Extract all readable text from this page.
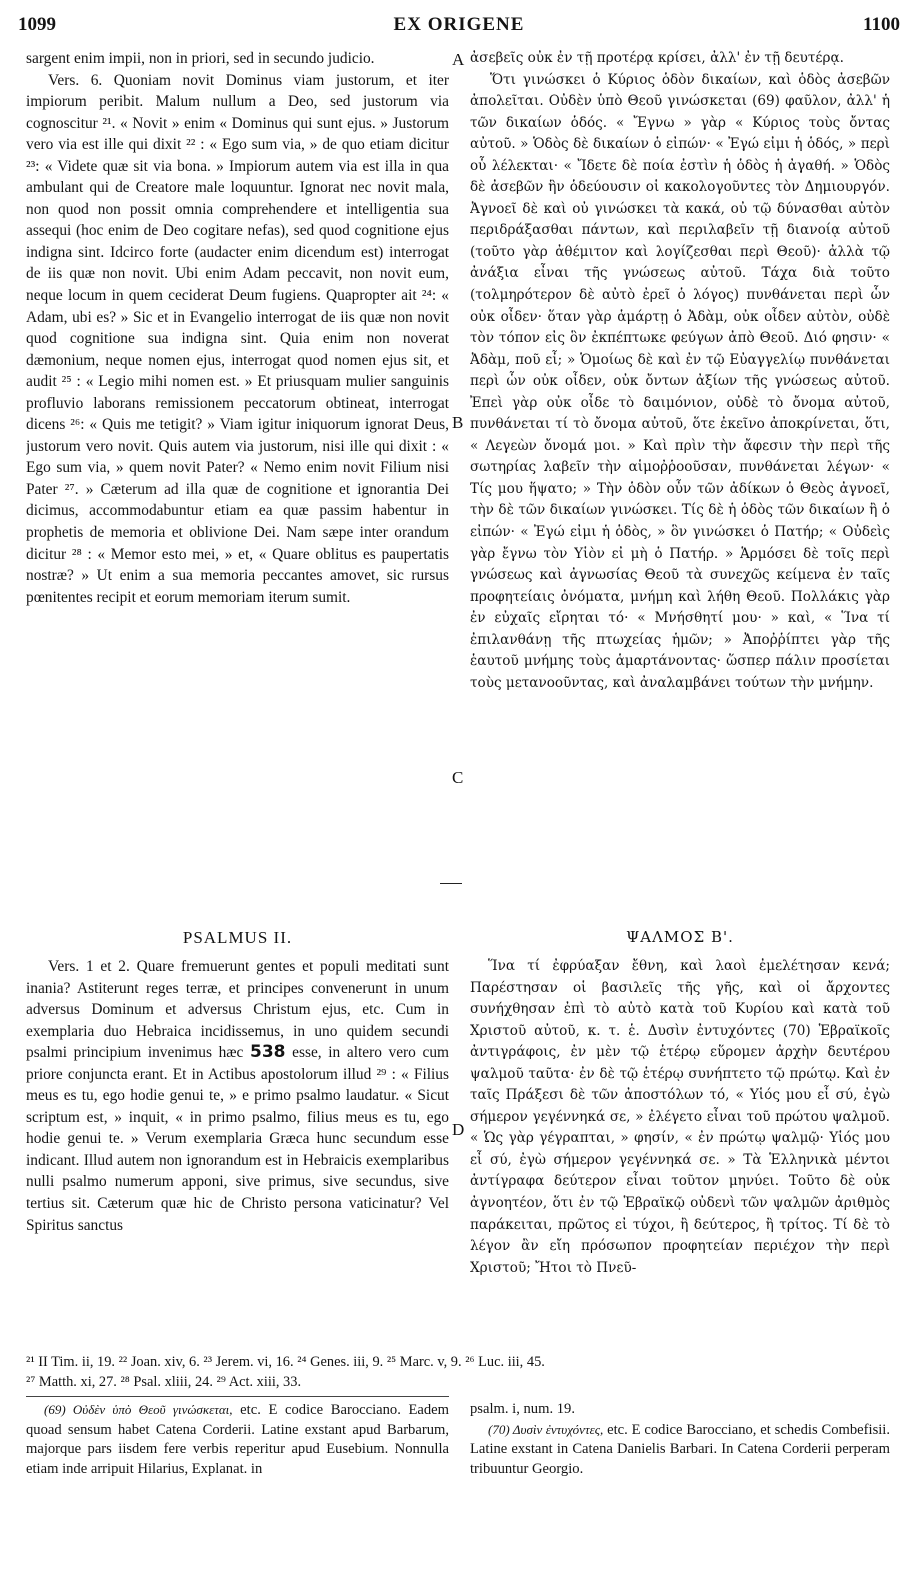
1099	EX ORIGENE	1100

sargent enim impii, non in priori, sed in secundo judicio.

Vers. 6. Quoniam novit Dominus viam justorum, et iter impiorum peribit. Malum nullum a Deo, sed justorum via cognoscitur ²¹. « Novit » enim « Dominus qui sunt ejus. » Justorum vero via est ille qui dixit ²² : « Ego sum via, » de quo etiam dicitur ²³: « Videte quæ sit via bona. » Impiorum autem via est illa in qua ambulant qui de Creatore male loquuntur. Ignorat nec novit mala, non quod non possit omnia comprehendere et intelligentia sua assequi (hoc enim de Deo cogitare nefas), sed quod cognitione ejus indigna sint. Idcirco forte (audacter enim dicendum est) interrogat de iis quæ non novit. Ubi enim Adam peccavit, non novit eum, neque locum in quem ceciderat Deum fugiens. Quapropter ait ²⁴: « Adam, ubi es? » Sic et in Evangelio interrogat de iis quæ non novit quod cognitione sua indigna sint. Quia enim non noverat dæmonium, neque nomen ejus, interrogat quod nomen ejus sit, et audit ²⁵ : « Legio mihi nomen est. » Et priusquam mulier sanguinis profluvio laborans remissionem peccatorum obtineat, interrogat dicens ²⁶: « Quis me tetigit? » Viam igitur iniquorum ignorat Deus, justorum vero novit. Quis autem via justorum, nisi ille qui dixit : « Ego sum via, » quem novit Pater? « Nemo enim novit Filium nisi Pater ²⁷. » Cæterum ad illa quæ de cognitione et ignorantia Dei dicimus, accommodabuntur etiam ea quæ passim habentur in prophetis de memoria et oblivione Dei. Nam sæpe inter orandum dicitur ²⁸ : « Memor esto mei, » et, « Quare oblitus es paupertatis nostræ? » Ut enim a sua memoria peccantes amovet, sic rursus pœnitentes recipit et eorum memoriam iterum sumit.

ἀσεβεῖς οὐκ ἐν τῇ προτέρᾳ κρίσει, ἀλλ' ἐν τῇ δευτέρᾳ.

Ὅτι γινώσκει ὁ Κύριος ὁδὸν δικαίων, καὶ ὁδὸς ἀσεβῶν ἀπολεῖται. Οὐδὲν ὑπὸ Θεοῦ γινώσκεται (69) φαῦλον, ἀλλ' ἡ τῶν δικαίων ὁδός. « Ἔγνω » γὰρ « Κύριος τοὺς ὄντας αὐτοῦ. » Ὁδὸς δὲ δικαίων ὁ εἰπών· « Ἐγώ εἰμι ἡ ὁδός, » περὶ οὗ λέλεκται· « Ἴδετε δὲ ποία ἐστὶν ἡ ὁδὸς ἡ ἀγαθή. » Ὁδὸς δὲ ἀσεβῶν ἣν ὁδεύουσιν οἱ κακολογοῦντες τὸν Δημιουργόν. Ἀγνοεῖ δὲ καὶ οὐ γινώσκει τὰ κακά, οὐ τῷ δύνασθαι αὐτὸν περιδράξασθαι πάντων, καὶ περιλαβεῖν τῇ διανοίᾳ αὐτοῦ (τοῦτο γὰρ ἀθέμιτον καὶ λογίζεσθαι περὶ Θεοῦ)· ἀλλὰ τῷ ἀνάξια εἶναι τῆς γνώσεως αὐτοῦ. Τάχα διὰ τοῦτο (τολμηρότερον δὲ αὐτὸ ἐρεῖ ὁ λόγος) πυνθάνεται περὶ ὧν οὐκ οἶδεν· ὅταν γὰρ ἁμάρτῃ ὁ Ἀδὰμ, οὐκ οἶδεν αὐτὸν, οὐδὲ τὸν τόπον εἰς ὃν ἐκπέπτωκε φεύγων ἀπὸ Θεοῦ. Διό φησιν· « Ἀδὰμ, ποῦ εἶ; » Ὁμοίως δὲ καὶ ἐν τῷ Εὐαγγελίῳ πυνθάνεται περὶ ὧν οὐκ οἶδεν, οὐκ ὄντων ἀξίων τῆς γνώσεως αὐτοῦ. Ἐπεὶ γὰρ οὐκ οἶδε τὸ δαιμόνιον, οὐδὲ τὸ ὄνομα αὐτοῦ, πυνθάνεται τί τὸ ὄνομα αὐτοῦ, ὅτε ἐκεῖνο ἀποκρίνεται, ὅτι, « Λεγεὼν ὄνομά μοι. » Καὶ πρὶν τὴν ἄφεσιν τὴν περὶ τῆς σωτηρίας λαβεῖν τὴν αἱμοῤῥοοῦσαν, πυνθάνεται λέγων· « Τίς μου ἥψατο; » Τὴν ὁδὸν οὖν τῶν ἀδίκων ὁ Θεὸς ἀγνοεῖ, τὴν δὲ τῶν δικαίων γινώσκει. Τίς δὲ ἡ ὁδὸς τῶν δικαίων ἢ ὁ εἰπών· « Ἐγώ εἰμι ἡ ὁδὸς, » ὃν γινώσκει ὁ Πατήρ; « Οὐδεὶς γὰρ ἔγνω τὸν Υἱὸν εἰ μὴ ὁ Πατήρ. » Ἁρμόσει δὲ τοῖς περὶ γνώσεως καὶ ἀγνωσίας Θεοῦ τὰ συνεχῶς κείμενα ἐν ταῖς προφητείαις ὀνόματα, μνήμη καὶ λήθη Θεοῦ. Πολλάκις γὰρ ἐν εὐχαῖς εἴρηται τό· « Μνήσθητί μου· » καὶ, « Ἵνα τί ἐπιλανθάνῃ τῆς πτωχείας ἡμῶν; » Ἀποῤῥίπτει γὰρ τῆς ἑαυτοῦ μνήμης τοὺς ἁμαρτάνοντας· ὥσπερ πάλιν προσίεται τοὺς μετανοοῦντας, καὶ ἀναλαμβάνει τούτων τὴν μνήμην.

A
B
C
D
PSALMUS II.	ΨΑΛΜΟΣ Β'.

Vers. 1 et 2. Quare fremuerunt gentes et populi meditati sunt inania? Astiterunt reges terræ, et principes convenerunt in unum adversus Dominum et adversus Christum ejus, etc. Cum in exemplaria duo Hebraica incidissemus, in uno quidem secundi psalmi principium invenimus hæc 538 esse, in altero vero cum priore conjuncta erant. Et in Actibus apostolorum illud ²⁹ : « Filius meus es tu, ego hodie genui te, » e primo psalmo laudatur. « Sicut scriptum est, » inquit, « in primo psalmo, filius meus es tu, ego hodie genui te. » Verum exemplaria Græca hunc secundum esse indicant. Illud autem non ignorandum est in Hebraicis exemplaribus nulli psalmo numerum apponi, sive primus, sive secundus, sive tertius sit. Cæterum quæ hic de Christo persona vaticinatur? Vel Spiritus sanctus

Ἵνα τί ἐφρύαξαν ἔθνη, καὶ λαοὶ ἐμελέτησαν κενά; Παρέστησαν οἱ βασιλεῖς τῆς γῆς, καὶ οἱ ἄρχοντες συνήχθησαν ἐπὶ τὸ αὐτὸ κατὰ τοῦ Κυρίου καὶ κατὰ τοῦ Χριστοῦ αὐτοῦ, κ. τ. ἑ. Δυσὶν ἐντυχόντες (70) Ἑβραϊκοῖς ἀντιγράφοις, ἐν μὲν τῷ ἑτέρῳ εὕρομεν ἀρχὴν δευτέρου ψαλμοῦ ταῦτα· ἐν δὲ τῷ ἑτέρῳ συνήπτετο τῷ πρώτῳ. Καὶ ἐν ταῖς Πράξεσι δὲ τῶν ἀποστόλων τό, « Υἱός μου εἶ σύ, ἐγὼ σήμερον γεγέννηκά σε, » ἐλέγετο εἶναι τοῦ πρώτου ψαλμοῦ. « Ὡς γὰρ γέγραπται, » φησίν, « ἐν πρώτῳ ψαλμῷ· Υἱός μου εἶ σύ, ἐγὼ σήμερον γεγέννηκά σε. » Τὰ Ἑλληνικὰ μέντοι ἀντίγραφα δεύτερον εἶναι τοῦτον μηνύει. Τοῦτο δὲ οὐκ ἀγνοητέον, ὅτι ἐν τῷ Ἑβραϊκῷ οὐδενὶ τῶν ψαλμῶν ἀριθμὸς παράκειται, πρῶτος εἰ τύχοι, ἢ δεύτερος, ἢ τρίτος. Τί δὲ τὸ λέγον ἂν εἴη πρόσωπον προφητείαν περιέχον τὴν περὶ Χριστοῦ; Ἤτοι τὸ Πνεῦ-

²¹ II Tim. ii, 19. ²² Joan. xiv, 6. ²³ Jerem. vi, 16. ²⁴ Genes. iii, 9. ²⁵ Marc. v, 9. ²⁶ Luc. iii, 45.
²⁷ Matth. xi, 27. ²⁸ Psal. xliii, 24. ²⁹ Act. xiii, 33.

(69) Οὐδὲν ὑπὸ Θεοῦ γινώσκεται, etc. E codice Barocciano. Eadem quoad sensum habet Catena Corderii. Latine exstant apud Barbarum, majorque pars iisdem fere verbis reperitur apud Eusebium. Nonnulla etiam inde arripuit Hilarius, Explanat. in

psalm. i, num. 19.

(70) Δυσὶν ἐντυχόντες, etc. E codice Barocciano, et schedis Combefisii. Latine exstant in Catena Danielis Barbari. In Catena Corderii perperam tribuuntur Georgio.
